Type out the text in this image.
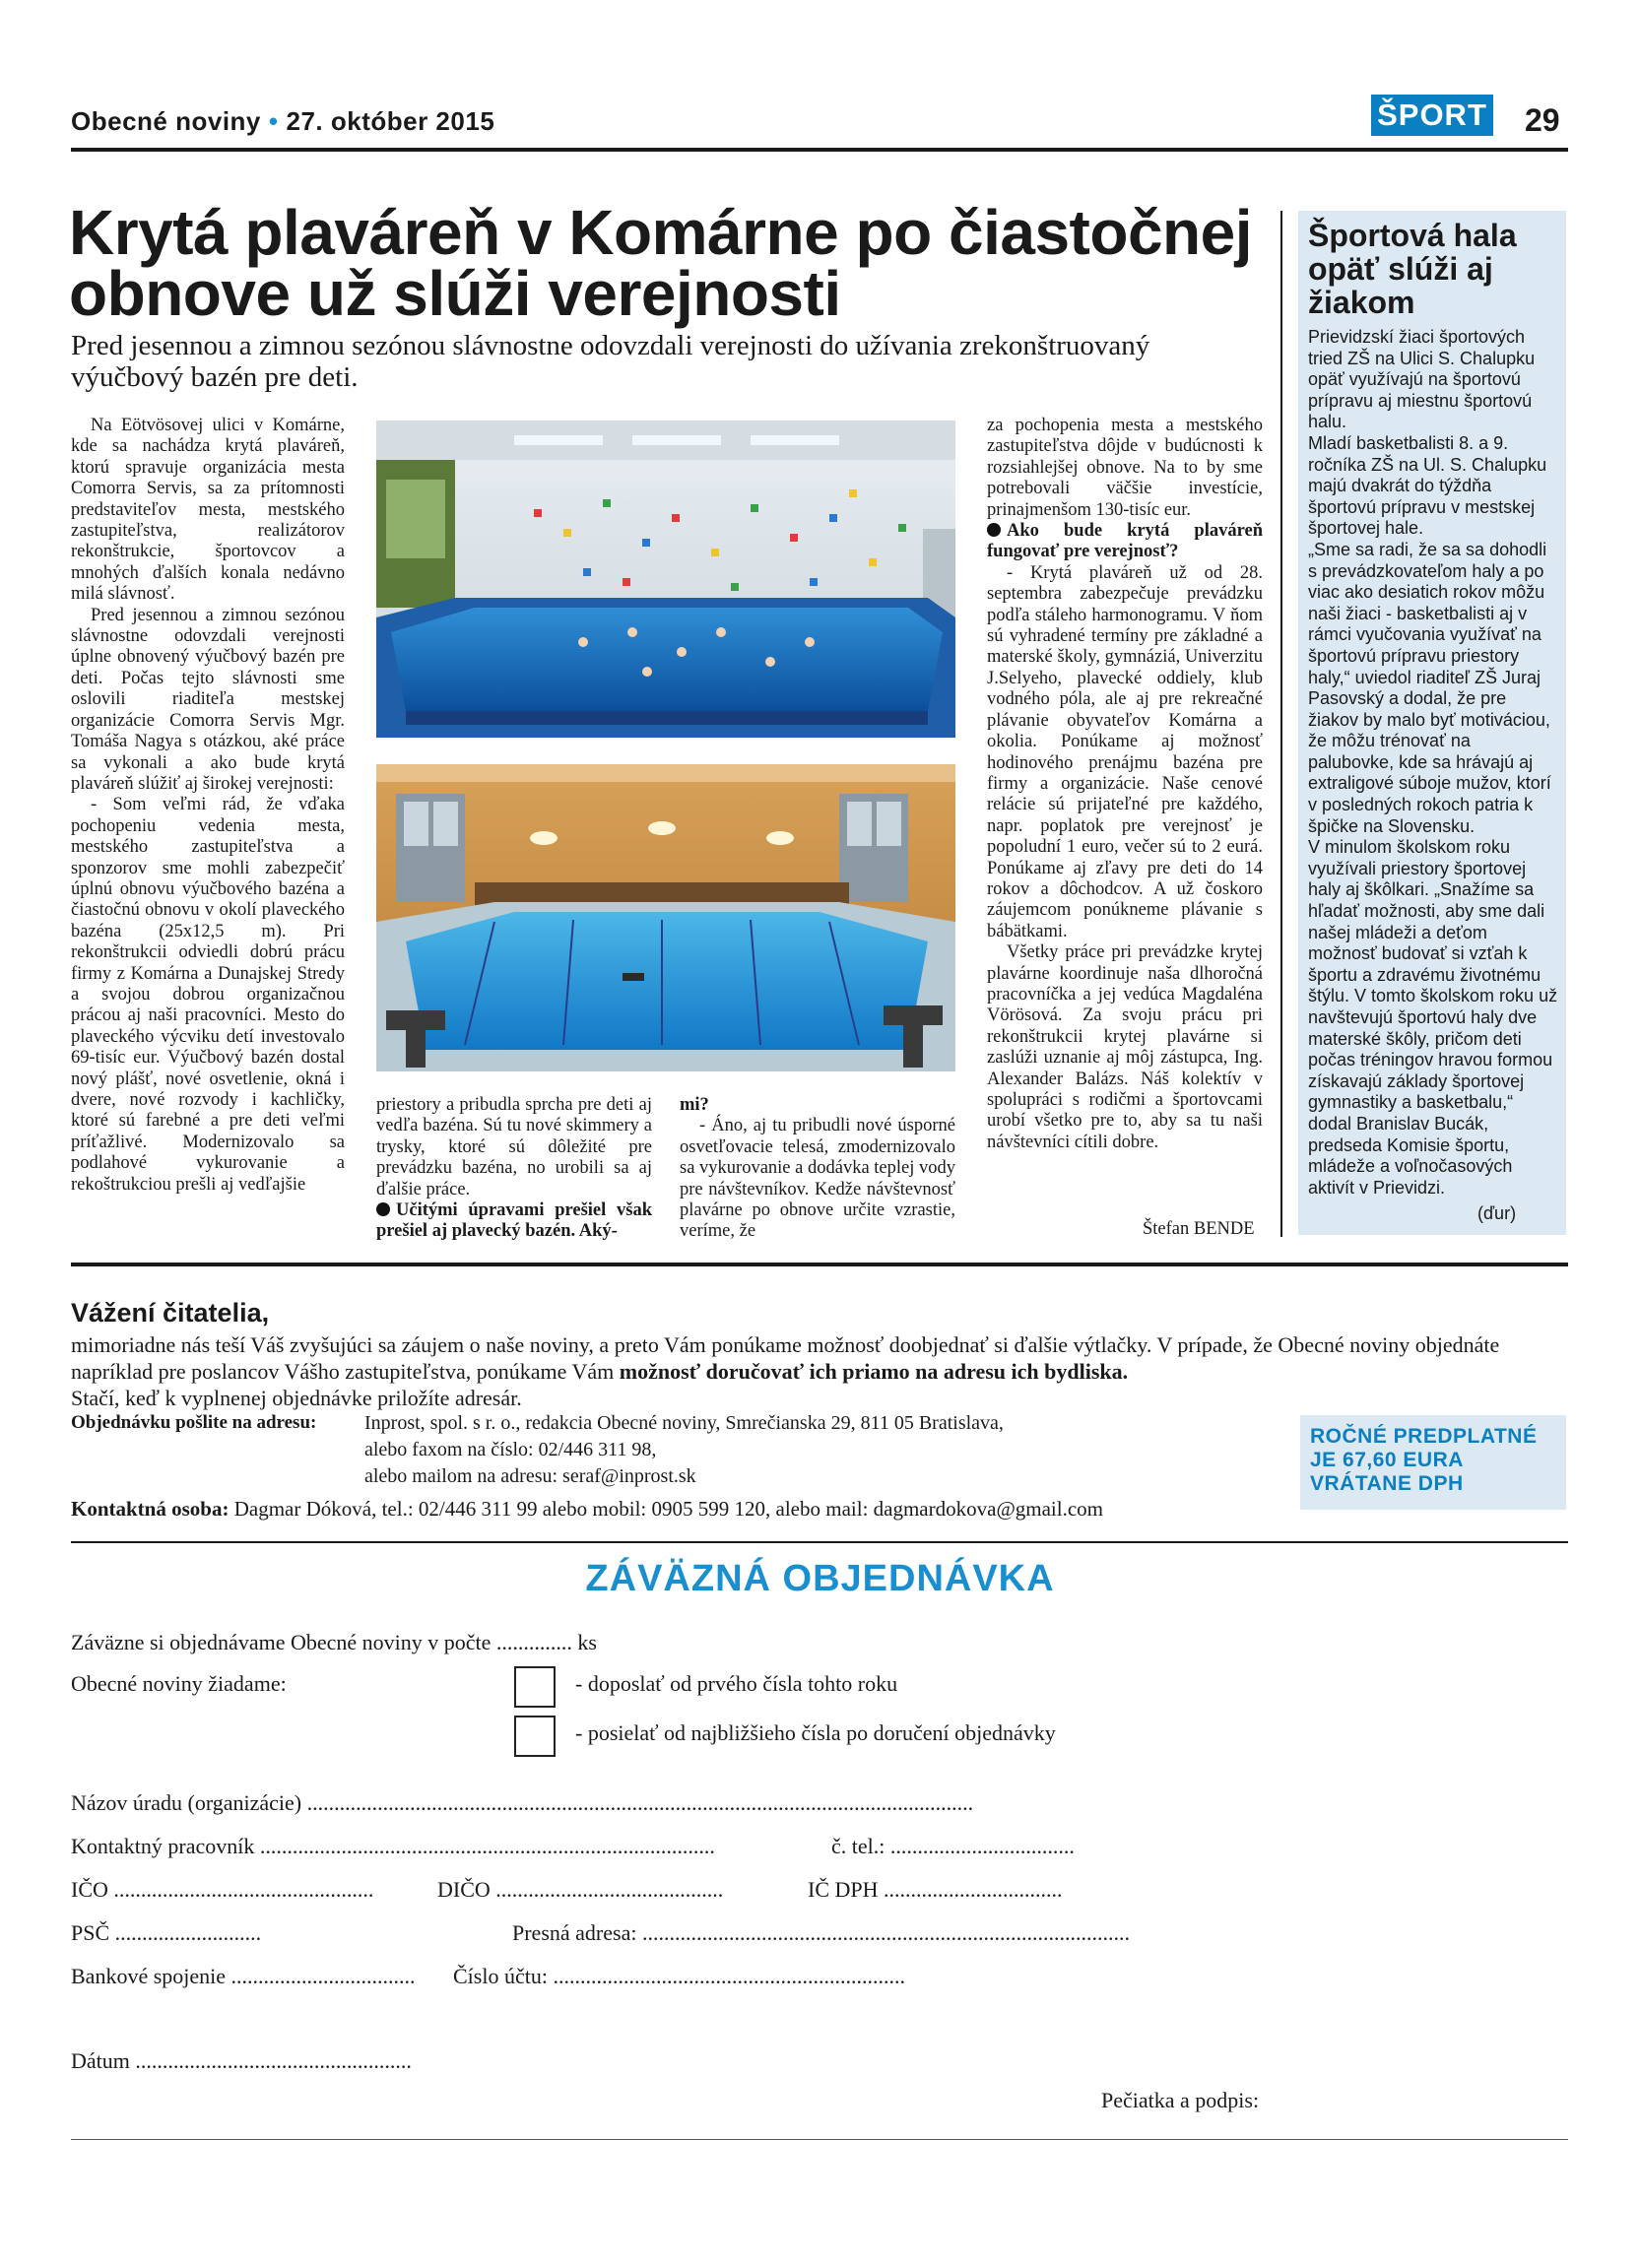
Obecné noviny • 27. október 2015	ŠPORT 29
Krytá plaváreň v Komárne po čiastočnej obnove už slúži verejnosti
Pred jesennou a zimnou sezónou slávnostne odovzdali verejnosti do užívania zrekonštruovaný výučbový bazén pre deti.

Na Eötvösovej ulici v Komárne, kde sa nachádza krytá plaváreň, ktorú spravuje organizácia mesta Comorra Servis, sa za prítomnosti predstaviteľov mesta, mestského zastupiteľstva, realizátorov rekonštrukcie, športovcov a mnohých ďalších konala nedávno milá slávnosť.

Pred jesennou a zimnou sezónou slávnostne odovzdali verejnosti úplne obnovený výučbový bazén pre deti. Počas tejto slávnosti sme oslovili riaditeľa mestskej organizácie Comorra Servis Mgr. Tomáša Nagya s otázkou, aké práce sa vykonali a ako bude krytá plaváreň slúžiť aj širokej verejnosti:

- Som veľmi rád, že vďaka pochopeniu vedenia mesta, mestského zastupiteľstva a sponzorov sme mohli zabezpečiť úplnú obnovu výučbového bazéna a čiastočnú obnovu v okolí plaveckého bazéna (25x12,5 m). Pri rekonštrukcii odviedli dobrú prácu firmy z Komárna a Dunajskej Stredy a svojou dobrou organizačnou prácou aj naši pracovníci. Mesto do plaveckého výcviku detí investovalo 69-tisíc eur. Výučbový bazén dostal nový plášť, nové osvetlenie, okná i dvere, nové rozvody i kachličky, ktoré sú farebné a pre deti veľmi príťažlivé. Modernizovalo sa podlahové vykurovanie a rekoštrukciou prešli aj vedľajšie

priestory a pribudla sprcha pre deti aj vedľa bazéna. Sú tu nové skimmery a trysky, ktoré sú dôležité pre prevádzku bazéna, no urobili sa aj ďalšie práce.

Učitými úpravami prešiel však prešiel aj plavecký bazén. Aký-

mi?

- Áno, aj tu pribudli nové úsporné osvetľovacie telesá, zmodernizovalo sa vykurovanie a dodávka teplej vody pre návštevníkov. Kedže návštevnosť plavárne po obnove určite vzrastie, veríme, že

za pochopenia mesta a mestského zastupiteľstva dôjde v budúcnosti k rozsiahlejšej obnove. Na to by sme potrebovali väčšie investície, prinajmenšom 130-tisíc eur.

Ako bude krytá plaváreň fungovať pre verejnosť?

- Krytá plaváreň už od 28. septembra zabezpečuje prevádzku podľa stáleho harmonogramu. V ňom sú vyhradené termíny pre základné a materské školy, gymnáziá, Univerzitu J.Selyeho, plavecké oddiely, klub vodného póla, ale aj pre rekreačné plávanie obyvateľov Komárna a okolia. Ponúkame aj možnosť hodinového prenájmu bazéna pre firmy a organizácie. Naše cenové relácie sú prijateľné pre každého, napr. poplatok pre verejnosť je popoludní 1 euro, večer sú to 2 eurá. Ponúkame aj zľavy pre deti do 14 rokov a dôchodcov. A už čoskoro záujemcom ponúkneme plávanie s bábätkami.

Všetky práce pri prevádzke krytej plavárne koordinuje naša dlhoročná pracovníčka a jej vedúca Magdaléna Vörösová. Za svoju prácu pri rekonštrukcii krytej plavárne si zaslúži uznanie aj môj zástupca, Ing. Alexander Balázs. Náš kolektív v spolupráci s rodičmi a športovcami urobí všetko pre to, aby sa tu naši návštevníci cítili dobre.

Štefan BENDE
Športová hala opäť slúži aj žiakom

Prievidzskí žiaci športových tried ZŠ na Ulici S. Chalupku opäť využívajú na športovú prípravu aj miestnu športovú halu.

Mladí basketbalisti 8. a 9. ročníka ZŠ na Ul. S. Chalupku majú dvakrát do týždňa športovú prípravu v mestskej športovej hale.

„Sme sa radi, že sa sa dohodli s prevádzkovateľom haly a po viac ako desiatich rokov môžu naši žiaci - basketbalisti aj v rámci vyučovania využívať na športovú prípravu priestory haly,“ uviedol riaditeľ ZŠ Juraj Pasovský a dodal, že pre žiakov by malo byť motiváciou, že môžu trénovať na palubovke, kde sa hrávajú aj extraligové súboje mužov, ktorí v posledných rokoch patria k špičke na Slovensku.

V minulom školskom roku využívali priestory športovej haly aj škôlkari. „Snažíme sa hľadať možnosti, aby sme dali našej mládeži a deťom možnosť budovať si vzťah k športu a zdravému životnému štýlu. V tomto školskom roku už navštevujú športovú haly dve materské škôly, pričom deti počas tréningov hravou formou získavajú základy športovej gymnastiky a basketbalu,“ dodal Branislav Bucák, predseda Komisie športu, mládeže a voľnočasových aktivít v Prievidzi.

(ďur)
Vážení čitatelia,
mimoriadne nás teší Váš zvyšujúci sa záujem o naše noviny, a preto Vám ponúkame možnosť doobjednať si ďalšie výtlačky. V prípade, že Obecné noviny objednáte napríklad pre poslancov Vášho zastupiteľstva, ponúkame Vám možnosť doručovať ich priamo na adresu ich bydliska.
Stačí, keď k vyplnenej objednávke priložíte adresár.
Objednávku pošlite na adresu: Inprost, spol. s r. o., redakcia Obecné noviny, Smrečianska 29, 811 05 Bratislava,
alebo faxom na číslo: 02/446 311 98,
alebo mailom na adresu: seraf@inprost.sk
Kontaktná osoba: Dagmar Dóková, tel.: 02/446 311 99 alebo mobil: 0905 599 120, alebo mail: dagmardokova@gmail.com
ROČNÉ PREDPLATNÉ JE 67,60 EURA VRÁTANE DPH
ZÁVÄZNÁ OBJEDNÁVKA
Záväzne si objednávame Obecné noviny v počte .............. ks
Obecné noviny žiadame:	- doposlať od prvého čísla tohto roku
- posielať od najbližšieho čísla po doručení objednávky
Názov úradu (organizácie) ...........................................................................................................................
Kontaktný pracovník ....................................................................................	č. tel.: ..................................
IČO ................................................	DIČO ..........................................	IČ DPH .................................
PSČ ...........................	Presná adresa: ..........................................................................................
Bankové spojenie .................................. Číslo účtu: .................................................................
Dátum ...................................................
Pečiatka a podpis:
